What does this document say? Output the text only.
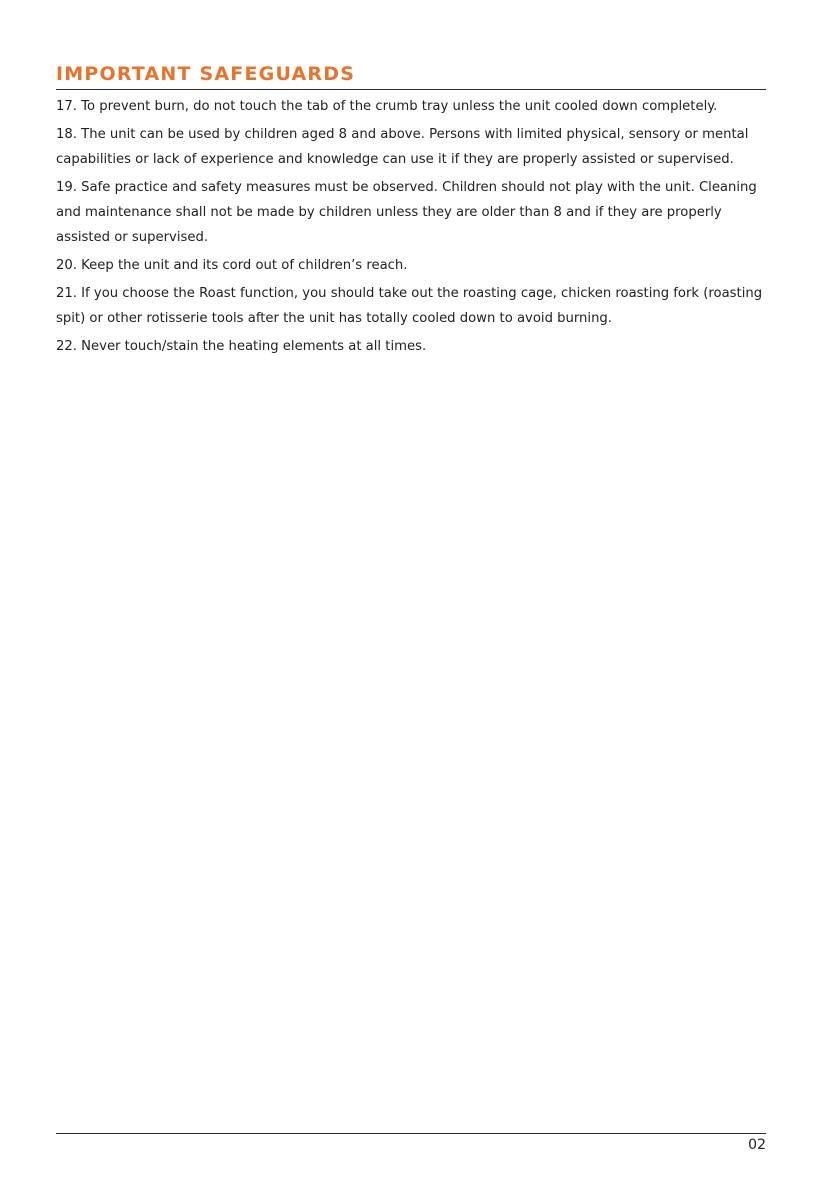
IMPORTANT SAFEGUARDS
17. To prevent burn, do not touch the tab of the crumb tray unless the unit cooled down completely.
18. The unit can be used by children aged 8 and above. Persons with limited physical, sensory or mental capabilities or lack of experience and knowledge can use it if they are properly assisted or supervised.
19. Safe practice and safety measures must be observed. Children should not play with the unit. Cleaning and maintenance shall not be made by children unless they are older than 8 and if they are properly assisted or supervised.
20. Keep the unit and its cord out of children’s reach.
21. If you choose the Roast function, you should take out the roasting cage, chicken roasting fork (roasting spit) or other rotisserie tools after the unit has totally cooled down to avoid burning.
22. Never touch/stain the heating elements at all times.
02
